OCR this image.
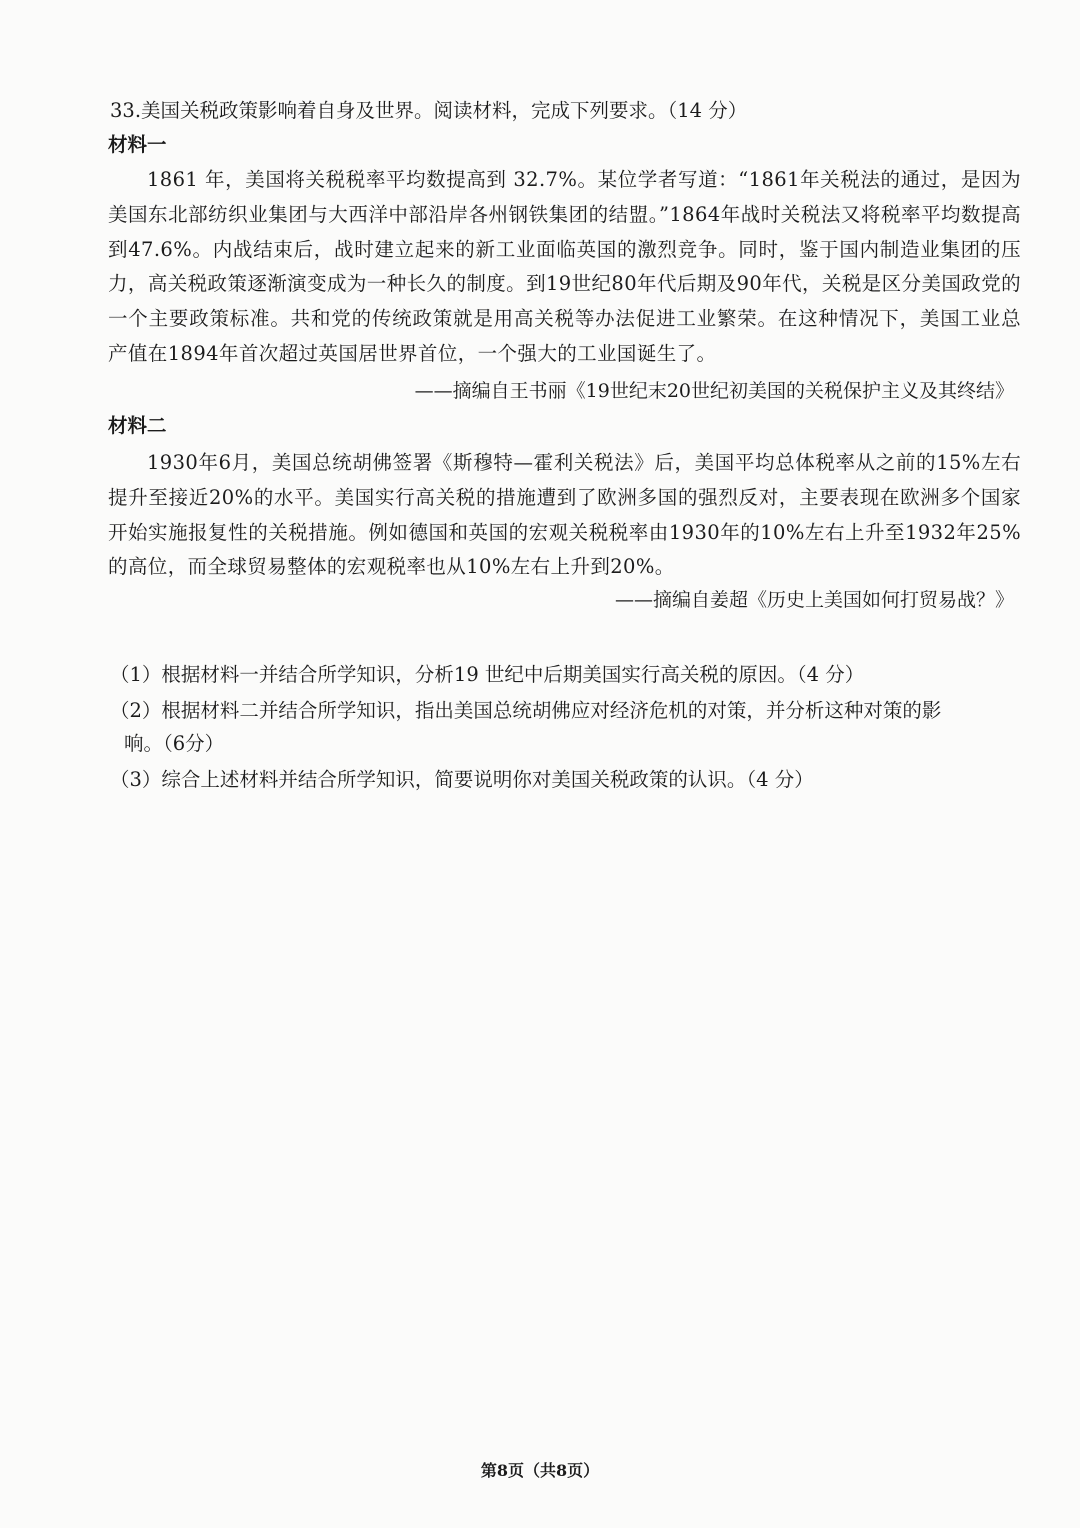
33.美国关税政策影响着自身及世界。阅读材料，完成下列要求。（14 分）
材料一
1861 年，美国将关税税率平均数提高到 32.7%。某位学者写道：“1861年关税法的通过，是因为美国东北部纺织业集团与大西洋中部沿岸各州钢铁集团的结盟。”1864年战时关税法又将税率平均数提高到47.6%。内战结束后，战时建立起来的新工业面临英国的激烈竞争。同时，鉴于国内制造业集团的压力，高关税政策逐渐演变成为一种长久的制度。到19世纪80年代后期及90年代，关税是区分美国政党的一个主要政策标准。共和党的传统政策就是用高关税等办法促进工业繁荣。在这种情况下，美国工业总产值在1894年首次超过英国居世界首位，一个强大的工业国诞生了。
——摘编自王书丽《19世纪末20世纪初美国的关税保护主义及其终结》
材料二
1930年6月，美国总统胡佛签署《斯穆特—霍利关税法》后，美国平均总体税率从之前的15%左右提升至接近20%的水平。美国实行高关税的措施遭到了欧洲多国的强烈反对，主要表现在欧洲多个国家开始实施报复性的关税措施。例如德国和英国的宏观关税税率由1930年的10%左右上升至1932年25%的高位，而全球贸易整体的宏观税率也从10%左右上升到20%。
——摘编自姜超《历史上美国如何打贸易战？》
（1）根据材料一并结合所学知识，分析19 世纪中后期美国实行高关税的原因。（4 分）
（2）根据材料二并结合所学知识，指出美国总统胡佛应对经济危机的对策，并分析这种对策的影
响。（6分）
（3）综合上述材料并结合所学知识，简要说明你对美国关税政策的认识。（4 分）
第8页（共8页）
